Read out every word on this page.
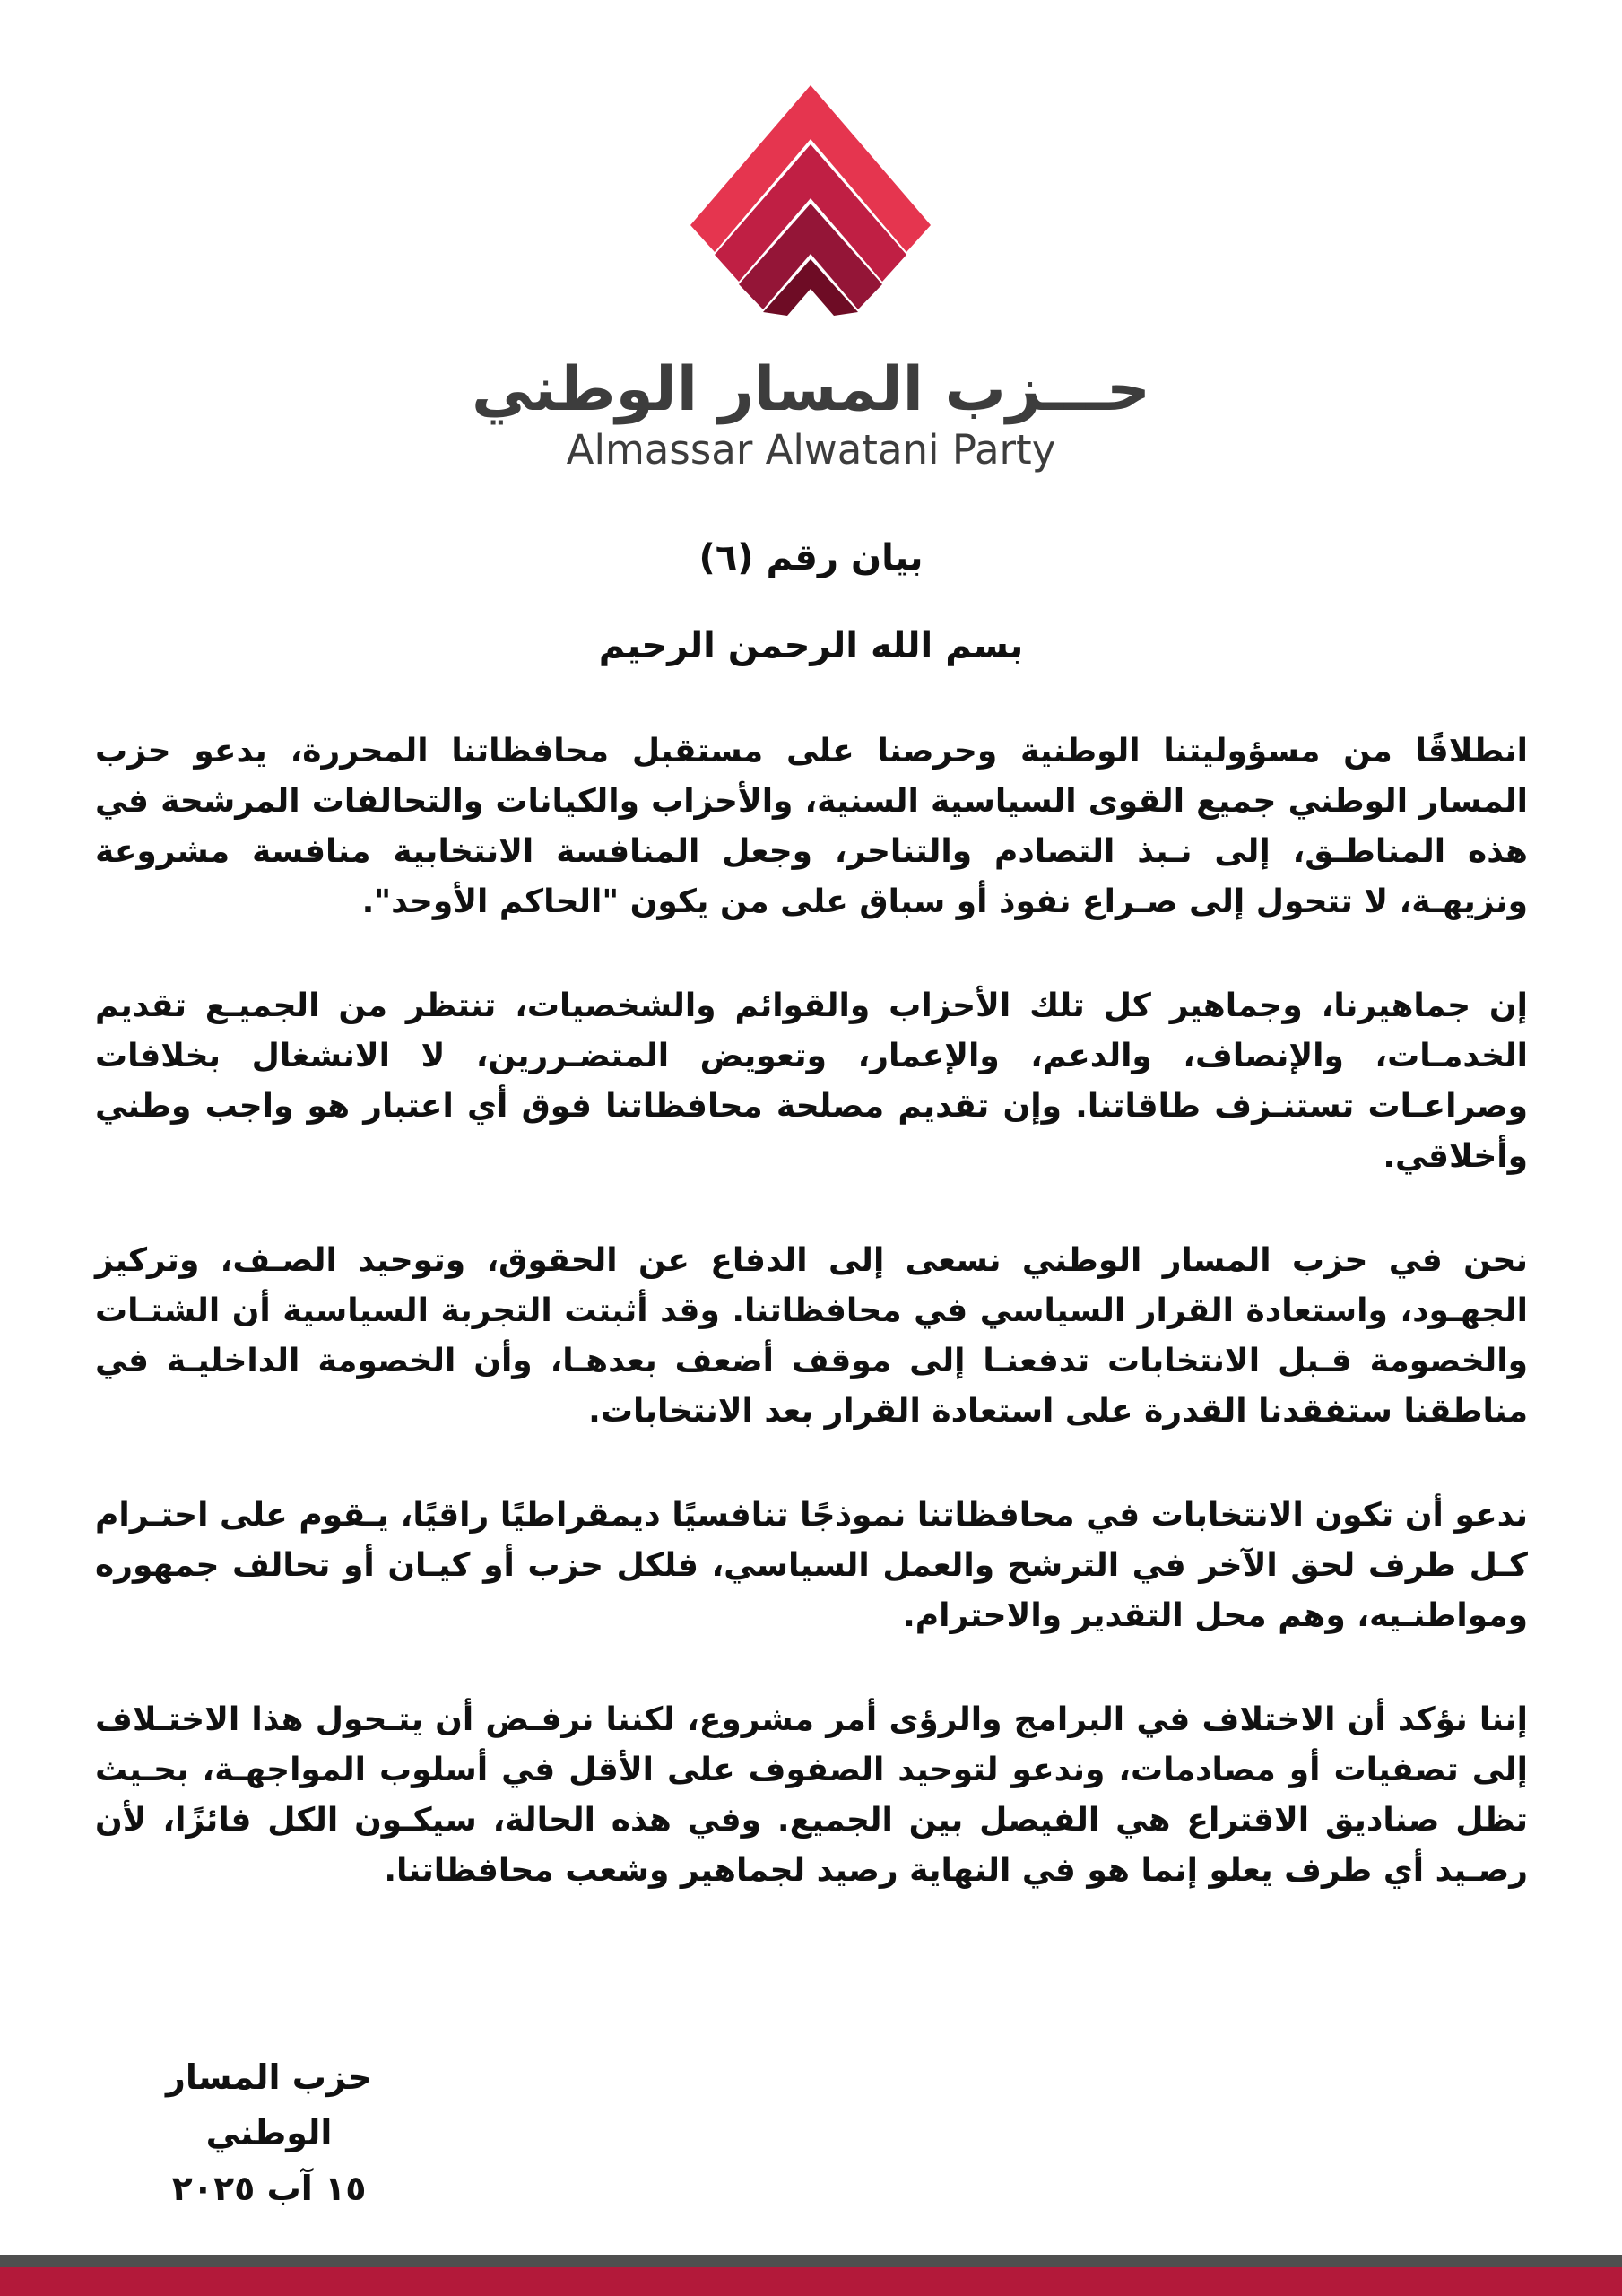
حـــزب المسار الوطني
Almassar Alwatani Party
بيان رقم (٦)
بسم الله الرحمن الرحيم

انطلاقًا من مسؤوليتنا الوطنية وحرصنا على مستقبل محافظاتنا المحررة، يدعو حزب المسار الوطني جميع القوى السياسية السنية، والأحزاب والكيانات والتحالفات المرشحة في هذه المناطـق، إلى نـبذ التصادم والتناحر، وجعل المنافسة الانتخابية منافسة مشروعة ونزيهـة، لا تتحول إلى صـراع نفوذ أو سباق على من يكون "الحاكم الأوحد".

إن جماهيرنا، وجماهير كل تلك الأحزاب والقوائم والشخصيات، تنتظر من الجميـع تقديم الخدمـات، والإنصاف، والدعم، والإعمار، وتعويض المتضـررين، لا الانشغال بخلافات وصراعـات تستنـزف طاقاتنا. وإن تقديم مصلحة محافظاتنا فوق أي اعتبار هو واجب وطني وأخلاقي.

نحن في حزب المسار الوطني نسعى إلى الدفاع عن الحقوق، وتوحيد الصـف، وتركيز الجهـود، واستعادة القرار السياسي في محافظاتنا. وقد أثبتت التجربة السياسية أن الشتـات والخصومة قـبل الانتخابات تدفعنـا إلى موقف أضعف بعدهـا، وأن الخصومة الداخليـة في مناطقنا ستفقدنا القدرة على استعادة القرار بعد الانتخابات.

ندعو أن تكون الانتخابات في محافظاتنا نموذجًا تنافسيًا ديمقراطيًا راقيًا، يـقوم على احتـرام كـل طرف لحق الآخر في الترشح والعمل السياسي، فلكل حزب أو كيـان أو تحالف جمهوره ومواطنـيه، وهم محل التقدير والاحترام.

إننا نؤكد أن الاختلاف في البرامج والرؤى أمر مشروع، لكننا نرفـض أن يتـحول هذا الاختـلاف إلى تصفيات أو مصادمات، وندعو لتوحيد الصفوف على الأقل في أسلوب المواجهـة، بحـيث تظل صناديق الاقتراع هي الفيصل بين الجميع. وفي هذه الحالة، سيكـون الكل فائزًا، لأن رصـيد أي طرف يعلو إنما هو في النهاية رصيد لجماهير وشعب محافظاتنا.

حزب المسار الوطني
١٥ آب ٢٠٢٥
